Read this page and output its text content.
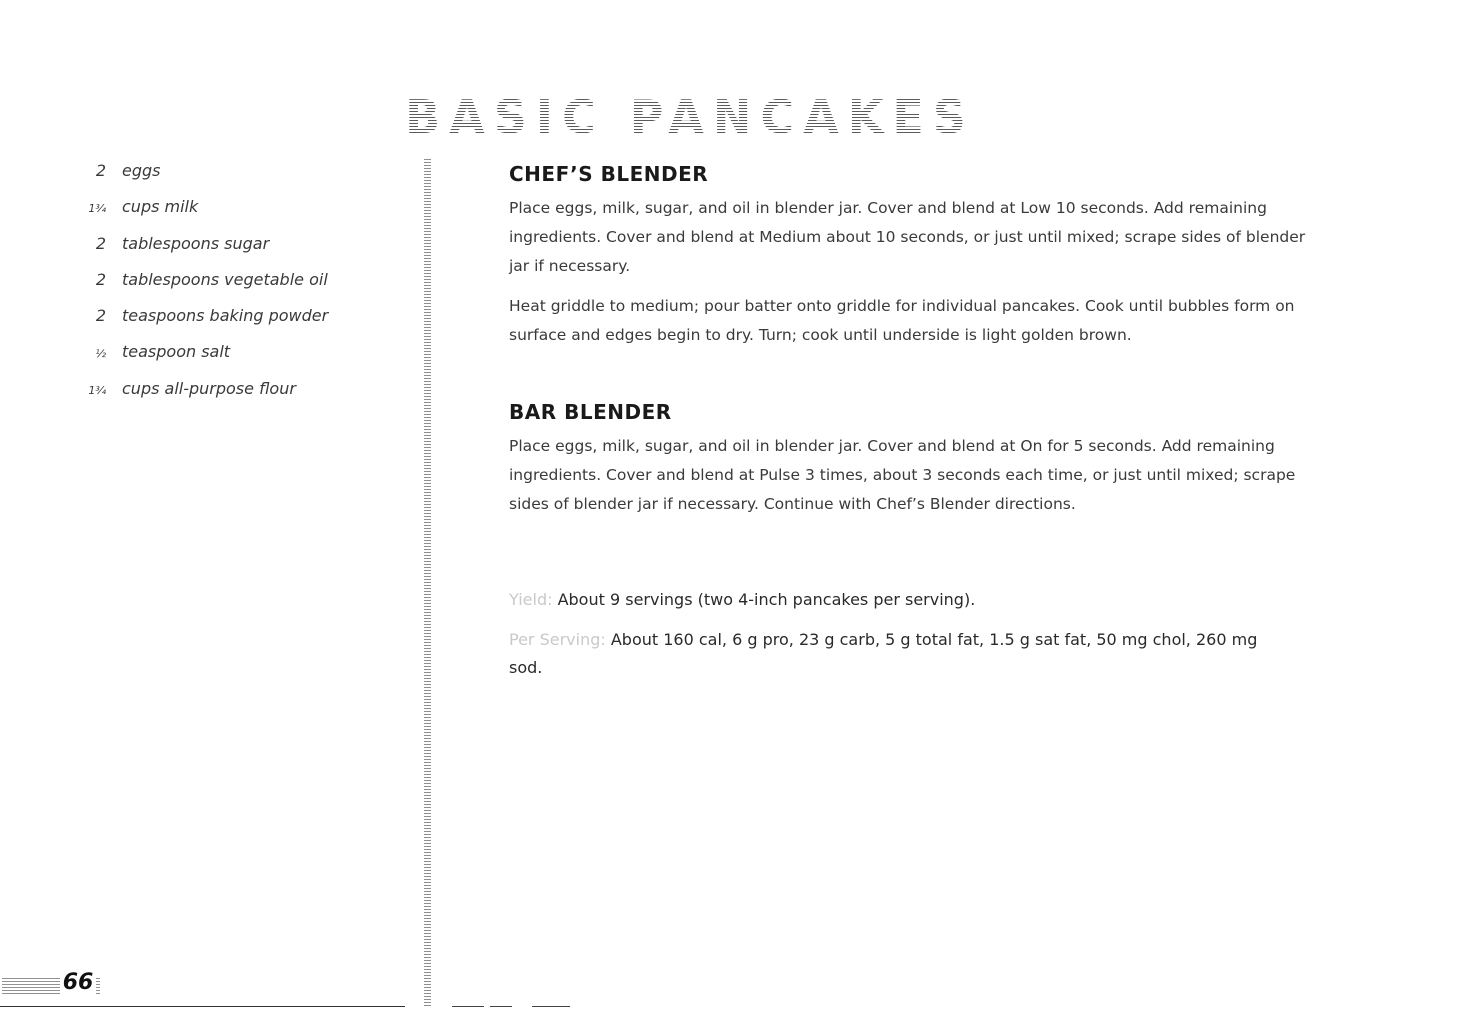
BASIC PANCAKES
2 eggs
1¾ cups milk
2 tablespoons sugar
2 tablespoons vegetable oil
2 teaspoons baking powder
½ teaspoon salt
1¾ cups all-purpose flour
CHEF’S BLENDER

Place eggs, milk, sugar, and oil in blender jar. Cover and blend at Low 10 seconds. Add remaining ingredients. Cover and blend at Medium about 10 seconds, or just until mixed; scrape sides of blender jar if necessary.

Heat griddle to medium; pour batter onto griddle for individual pancakes. Cook until bubbles form on surface and edges begin to dry. Turn; cook until underside is light golden brown.

BAR BLENDER

Place eggs, milk, sugar, and oil in blender jar. Cover and blend at On for 5 seconds. Add remaining ingredients. Cover and blend at Pulse 3 times, about 3 seconds each time, or just until mixed; scrape sides of blender jar if necessary. Continue with Chef’s Blender directions.

Yield: About 9 servings (two 4-inch pancakes per serving).

Per Serving: About 160 cal, 6 g pro, 23 g carb, 5 g total fat, 1.5 g sat fat, 50 mg chol, 260 mg sod.

66
